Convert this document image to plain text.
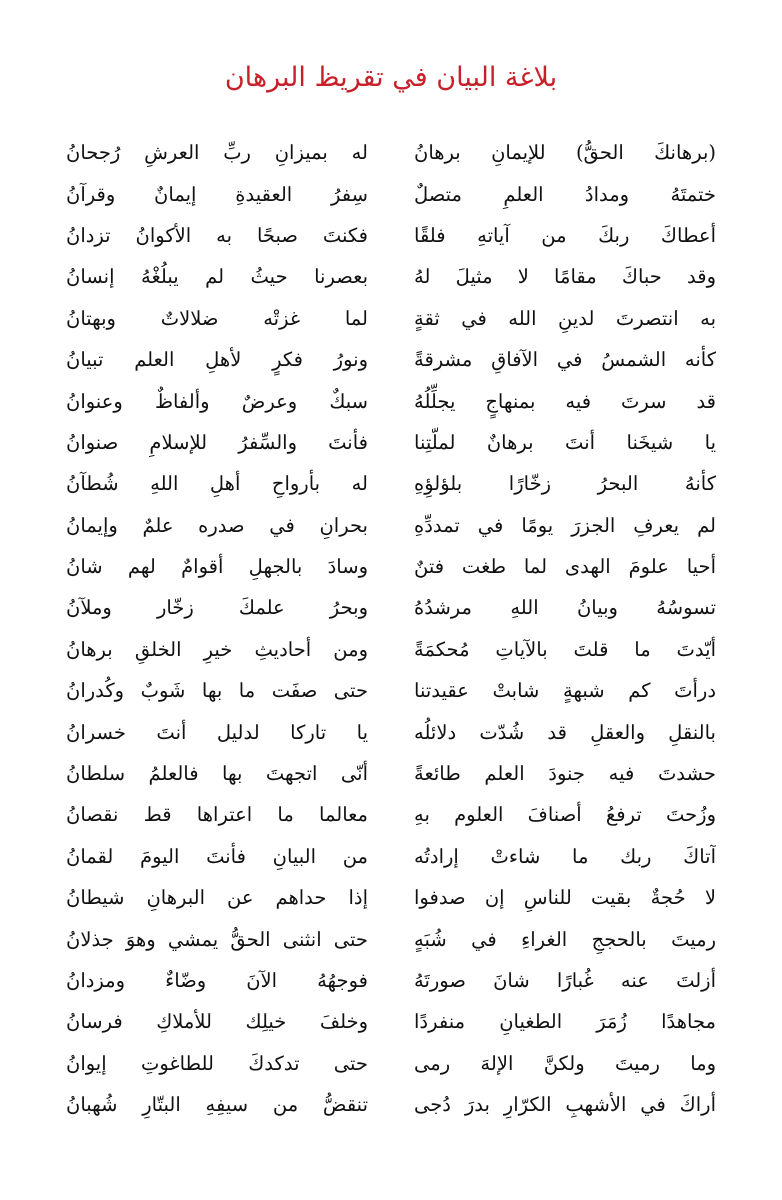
بلاغة البيان في تقريظ البرهان
(برهانكَ الحقُّ) للإيمانِ برهانُ
له بميزانِ ربِّ العرشِ رُجحانُ
ختمتَهُ ومدادُ العلمِ متصلٌ
سِفرُ العقيدةِ إيمانٌ وقرآنُ
أعطاكَ ربكَ من آياتهِ فلقًا
فكنتَ صبحًا به الأكوانُ تزدانُ
وقد حباكَ مقامًا لا مثيلَ لهُ
بعصرنا حيثُ لم يبلُغْهُ إنسانُ
به انتصرتَ لدينِ الله في ثقةٍ
لما غزتْه ضلالاتٌ وبهتانُ
كأنه الشمسُ في الآفاقِ مشرقةً
ونورُ فكرٍ لأهلِ العلم تبيانُ
قد سرتَ فيه بمنهاجٍ يجلِّلُهُ
سبكٌ وعرضٌ وألفاظٌ وعنوانُ
يا شيخَنا أنتَ برهانٌ لملّتِنا
فأنتَ والسِّفرُ للإسلامِ صنوانُ
كأنهُ البحرُ زخّارًا بلؤلؤِهِ
له بأرواحِ أهلِ اللهِ شُطآنُ
لم يعرفِ الجزرَ يومًا في تمددِّهِ
بحرانِ في صدره علمٌ وإيمانُ
أحيا علومَ الهدى لما طغت فتنٌ
وسادَ بالجهلِ أقوامٌ لهم شانُ
تسوسُهُ وبيانُ اللهِ مرشدُهُ
وبحرُ علمكَ زخّار وملآنُ
أيّدتَ ما قلتَ بالآياتِ مُحكمَةً
ومن أحاديثِ خيرِ الخلقِ برهانُ
درأتَ كم شبهةٍ شابتْ عقيدتنا
حتى صفَت ما بها شَوبٌ وكُدرانُ
بالنقلِ والعقلِ قد شُدّت دلائلُه
يا تاركا لدليل أنتَ خسرانُ
حشدتَ فيه جنودَ العلم طائعةً
أنّى اتجهتَ بها فالعلمُ سلطانُ
وزُحتَ ترفعُ أصنافَ العلوم بهِ
معالما ما اعتراها قط نقصانُ
آتاكَ ربك ما شاءتْ إرادتُه
من البيانِ فأنتَ اليومَ لقمانُ
لا حُجةٌ بقيت للناسِ إن صدفوا
إذا حداهم عن البرهانِ شيطانُ
رميتَ بالحججِ الغراءِ في شُبَهٍ
حتى انثنى الحقُّ يمشي وهوَ جذلانُ
أزلتَ عنه غُبارًا شانَ صورتَهُ
فوجهُهُ الآنَ وضّاءٌ ومزدانُ
مجاهدًا زُمَرَ الطغيانِ منفردًا
وخلفَ خيلِك للأملاكِ فرسانُ
وما رميتَ ولكنَّ الإلهَ رمى
حتى تدكدكَ للطاغوتِ إيوانُ
أراكَ في الأشهبِ الكرّارِ بدرَ دُجى
تنقضُّ من سيفِهِ البتّارِ شُهبانُ
